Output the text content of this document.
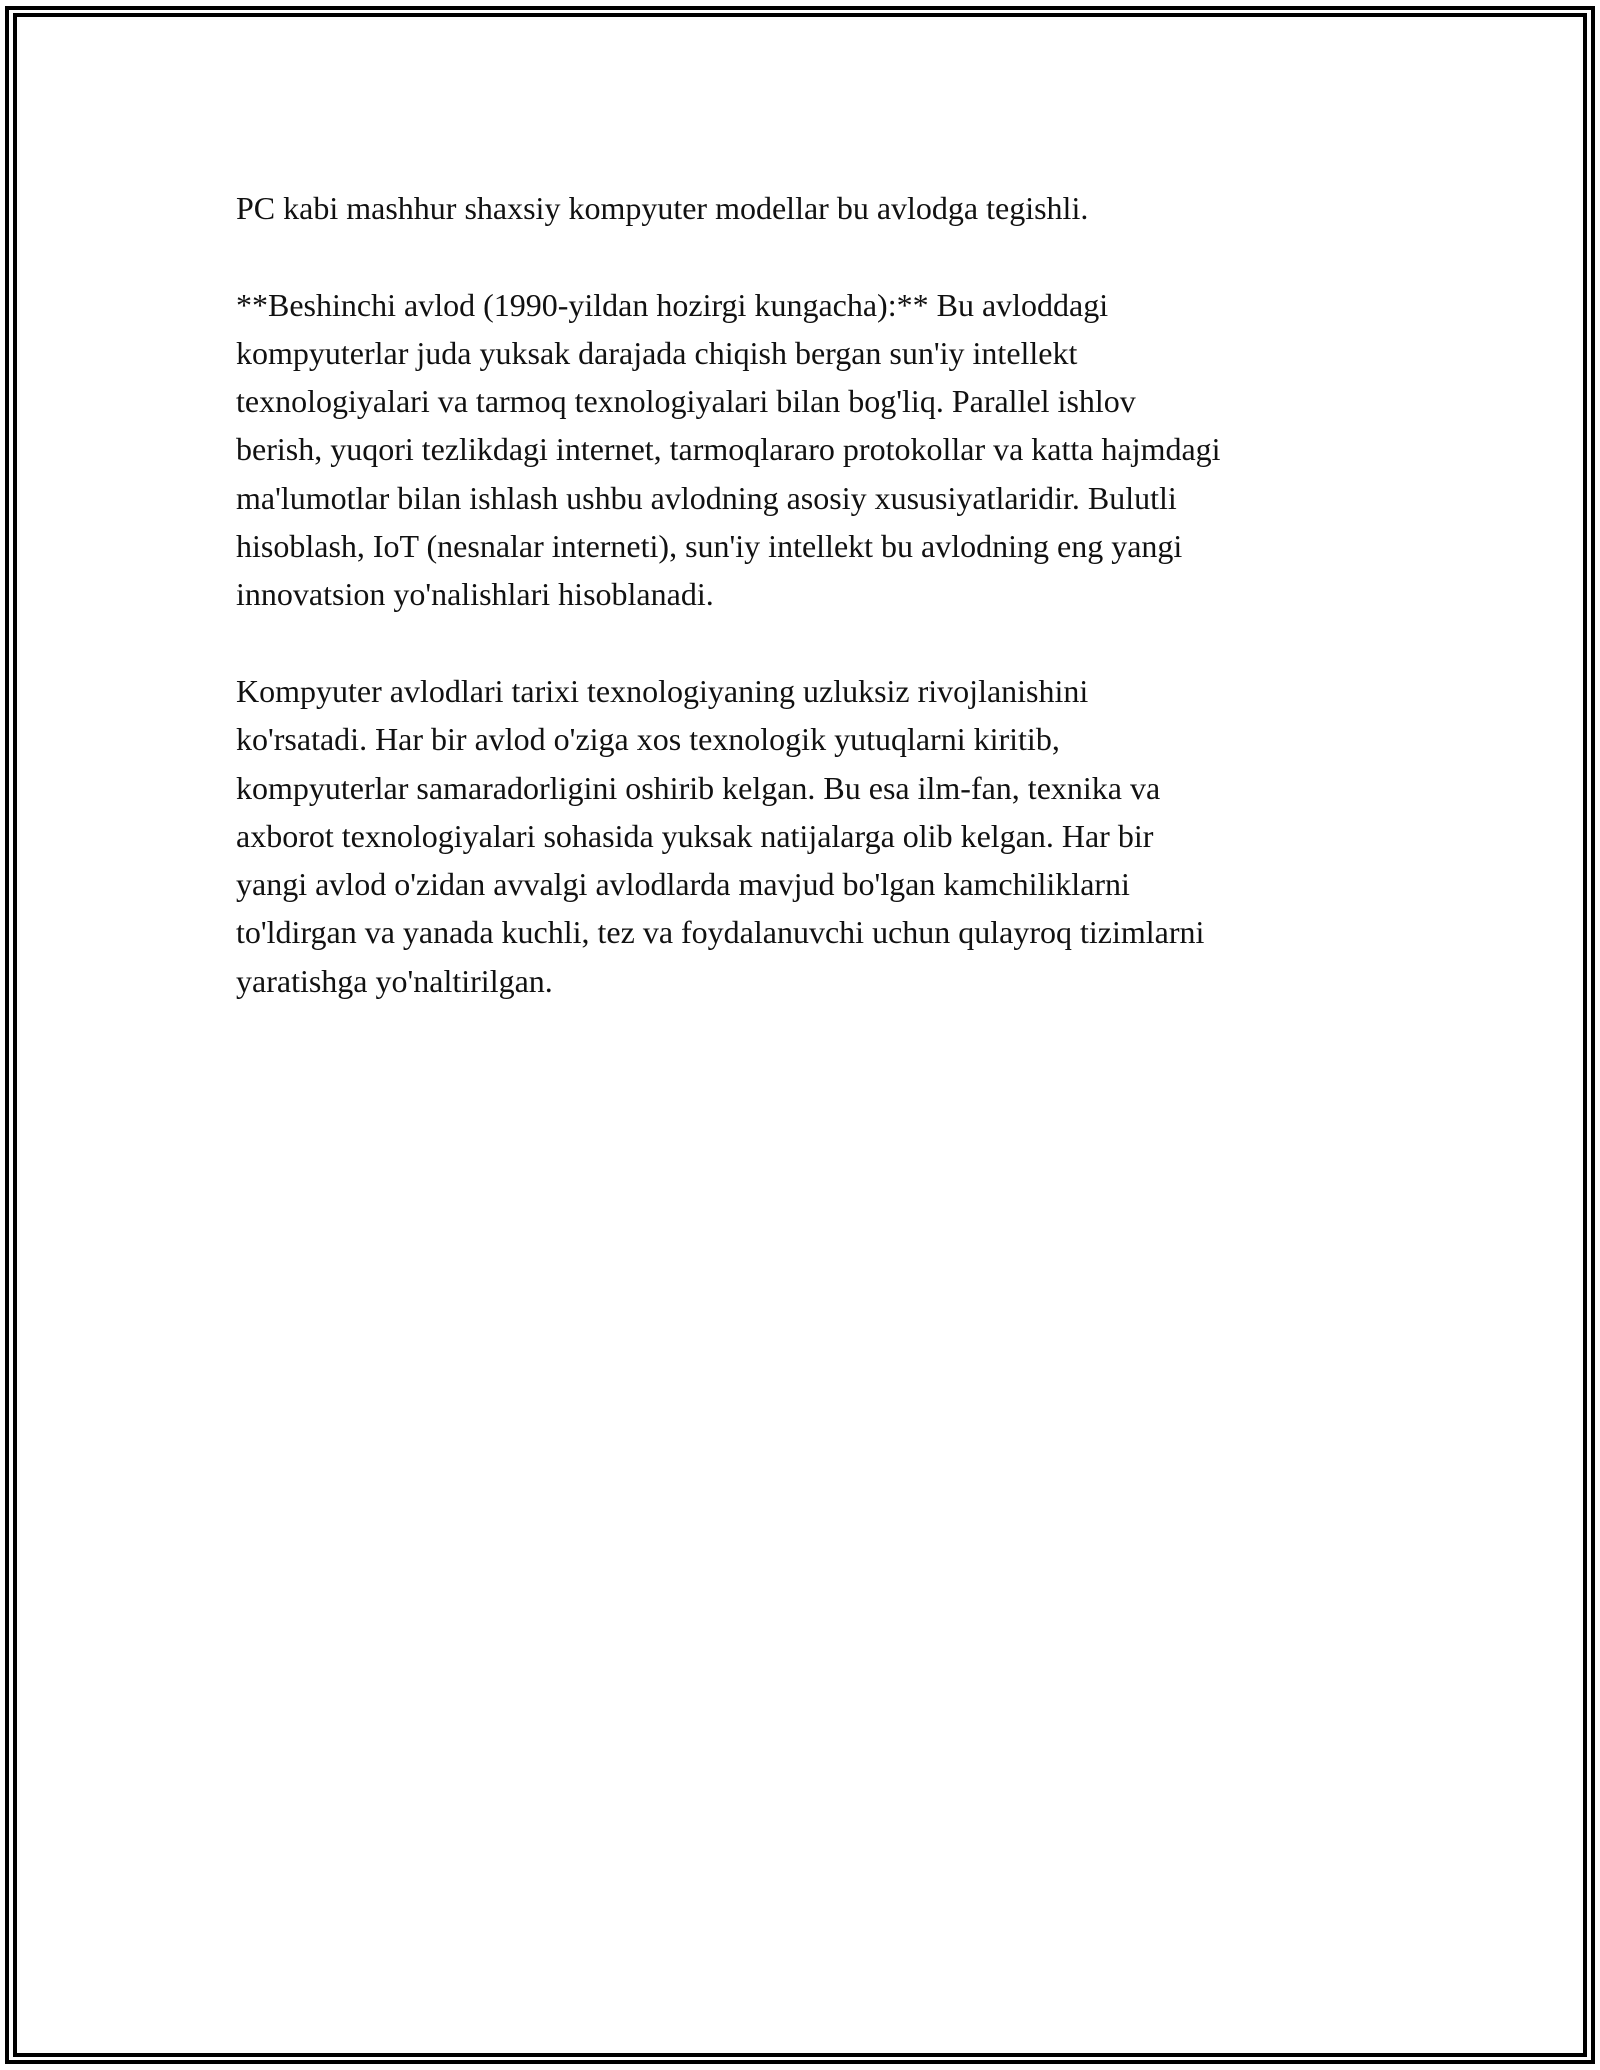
PC kabi mashhur shaxsiy kompyuter modellar bu avlodga tegishli.

**Beshinchi avlod (1990-yildan hozirgi kungacha):** Bu avloddagi
kompyuterlar juda yuksak darajada chiqish bergan sun'iy intellekt
texnologiyalari va tarmoq texnologiyalari bilan bog'liq. Parallel ishlov
berish, yuqori tezlikdagi internet, tarmoqlararo protokollar va katta hajmdagi
ma'lumotlar bilan ishlash ushbu avlodning asosiy xususiyatlaridir. Bulutli
hisoblash, IoT (nesnalar interneti), sun'iy intellekt bu avlodning eng yangi
innovatsion yo'nalishlari hisoblanadi.

Kompyuter avlodlari tarixi texnologiyaning uzluksiz rivojlanishini
ko'rsatadi. Har bir avlod o'ziga xos texnologik yutuqlarni kiritib,
kompyuterlar samaradorligini oshirib kelgan. Bu esa ilm-fan, texnika va
axborot texnologiyalari sohasida yuksak natijalarga olib kelgan. Har bir
yangi avlod o'zidan avvalgi avlodlarda mavjud bo'lgan kamchiliklarni
to'ldirgan va yanada kuchli, tez va foydalanuvchi uchun qulayroq tizimlarni
yaratishga yo'naltirilgan.
